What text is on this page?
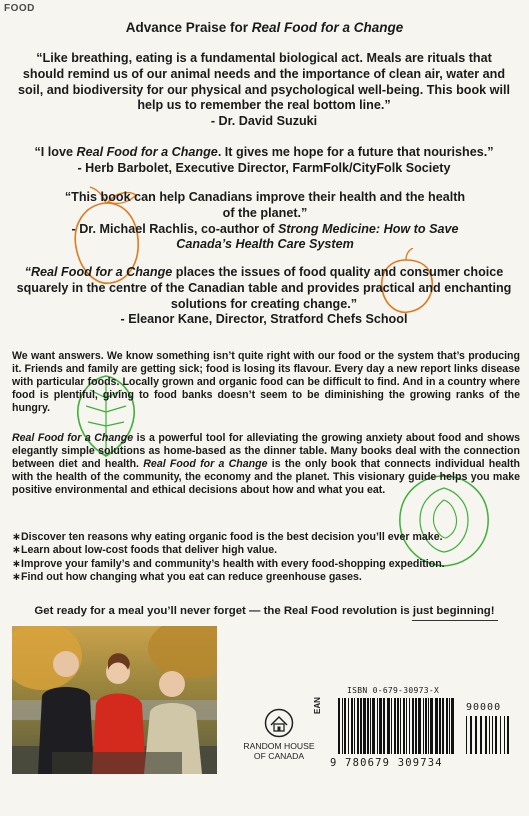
FOOD
Advance Praise for Real Food for a Change
“Like breathing, eating is a fundamental biological act. Meals are rituals that should remind us of our animal needs and the importance of clean air, water and soil, and biodiversity for our physical and psychological well-being. This book will help us to remember the real bottom line.”
- Dr. David Suzuki
“I love Real Food for a Change. It gives me hope for a future that nourishes.”
- Herb Barbolet, Executive Director, FarmFolk/CityFolk Society
“This book can help Canadians improve their health and the health of the planet.”
- Dr. Michael Rachlis, co-author of Strong Medicine: How to Save Canada’s Health Care System
“Real Food for a Change places the issues of food quality and consumer choice squarely in the centre of the Canadian table and provides practical and enchanting solutions for creating change.”
- Eleanor Kane, Director, Stratford Chefs School

We want answers. We know something isn’t quite right with our food or the system that’s producing it. Friends and family are getting sick; food is losing its flavour. Every day a new report links disease with particular foods. Locally grown and organic food can be difficult to find. And in a country where food is plentiful, giving to food banks doesn’t seem to be diminishing the growing ranks of the hungry.

Real Food for a Change is a powerful tool for alleviating the growing anxiety about food and shows elegantly simple solutions as home-based as the dinner table. Many books deal with the connection between diet and health. Real Food for a Change is the only book that connects individual health with the health of the community, the economy and the planet. This visionary guide helps you make positive environmental and ethical decisions about how and what you eat.

∗ Discover ten reasons why eating organic food is the best decision you’ll ever make.
∗ Learn about low-cost foods that deliver high value.
∗ Improve your family’s and community’s health with every food-shopping expedition.
∗ Find out how changing what you eat can reduce greenhouse gases.
Get ready for a meal you’ll never forget — the Real Food revolution is just beginning!
RANDOM HOUSE
OF CANADA
ISBN 0-679-30973-X
EAN	90000
9 780679 309734
